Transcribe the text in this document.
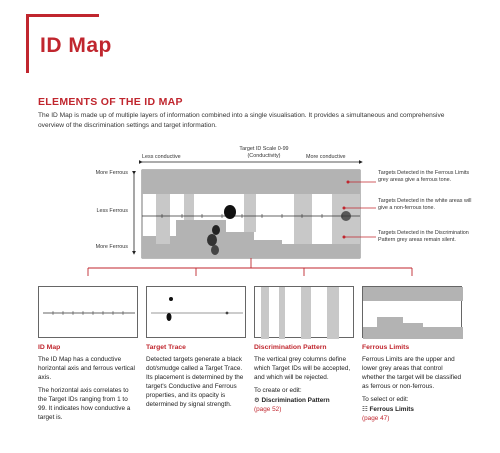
ID Map
ELEMENTS OF THE ID MAP
The ID Map is made up of multiple layers of information combined into a single visualisation. It provides a simultaneous and comprehensive overview of the discrimination settings and target information.
Less conductive
Target ID Scale 0-99
(Conductivity)	More conductive
More Ferrous
Less Ferrous
More Ferrous
Targets Detected in the Ferrous Limits grey areas give a ferrous tone.
Targets Detected in the white areas will give a non-ferrous tone.
Targets Detected in the Discrimination Pattern grey areas remain silent.
ID Map

The ID Map has a conductive horizontal axis and ferrous vertical axis.

The horizontal axis correlates to the Target IDs ranging from 1 to 99. It indicates how conductive a target is.

Target Trace

Detected targets generate a black dot/smudge called a Target Trace. Its placement is determined by the target's Conductive and Ferrous properties, and its opacity is determined by signal strength.

Discrimination Pattern

The vertical grey columns define which Target IDs will be accepted, and which will be rejected.

To create or edit:

⚙ Discrimination Pattern
(page 52)
Ferrous Limits

Ferrous Limits are the upper and lower grey areas that control whether the target will be classified as ferrous or non-ferrous.

To select or edit:

☷ Ferrous Limits
(page 47)
